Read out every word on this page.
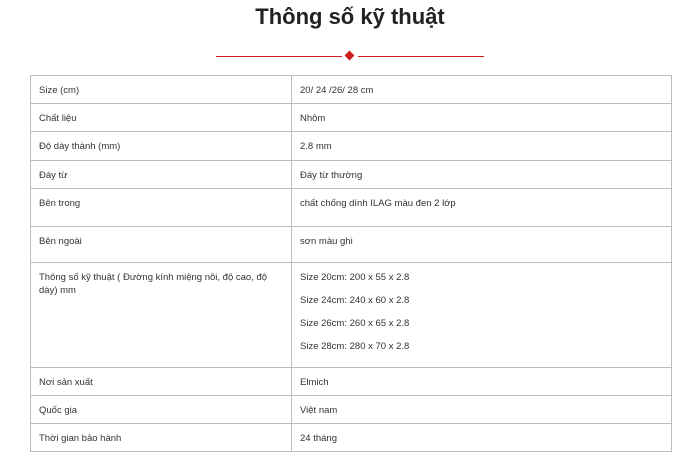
Thông số kỹ thuật
Size (cm)	20/ 24 /26/ 28 cm
Chất liệu	Nhôm
Độ dày thành (mm)	2.8 mm
Đáy từ	Đáy từ thường
Bên trong	chất chống dính ILAG màu đen 2 lớp
Bên ngoài	sơn màu ghi
Thông số kỹ thuật ( Đường kính miệng nồi, độ cao, độ dày) mm	Size 20cm: 200 x 55 x 2.8
Size 24cm: 240 x 60 x 2.8
Size 26cm: 260 x 65 x 2.8
Size 28cm: 280 x 70 x 2.8

Nơi sản xuất	Elmich
Quốc gia	Việt nam
Thời gian bảo hành	24 tháng
